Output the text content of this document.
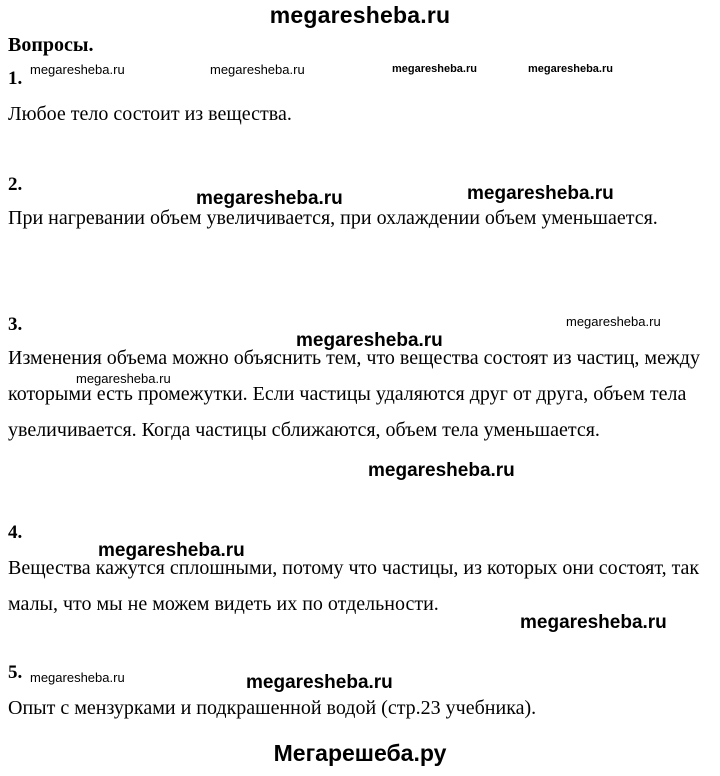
megaresheba.ru
Вопросы.
1.
Любое тело состоит из вещества.
2.
При нагревании объем увеличивается, при охлаждении объем уменьшается.
3.
Изменения объема можно объяснить тем, что вещества состоят из частиц, между которыми есть промежутки. Если частицы удаляются друг от друга, объем тела увеличивается. Когда частицы сближаются, объем тела уменьшается.
4.
Вещества кажутся сплошными, потому что частицы, из которых они состоят, так малы, что мы не можем видеть их по отдельности.
5.
Опыт с мензурками и подкрашенной водой (стр.23 учебника).
megaresheba.ru	megaresheba.ru	megaresheba.ru	megaresheba.ru
megaresheba.ru	megaresheba.ru
megaresheba.ru
megaresheba.ru
megaresheba.ru
megaresheba.ru
megaresheba.ru
megaresheba.ru
megaresheba.ru	megaresheba.ru
Мегарешеба.ру
